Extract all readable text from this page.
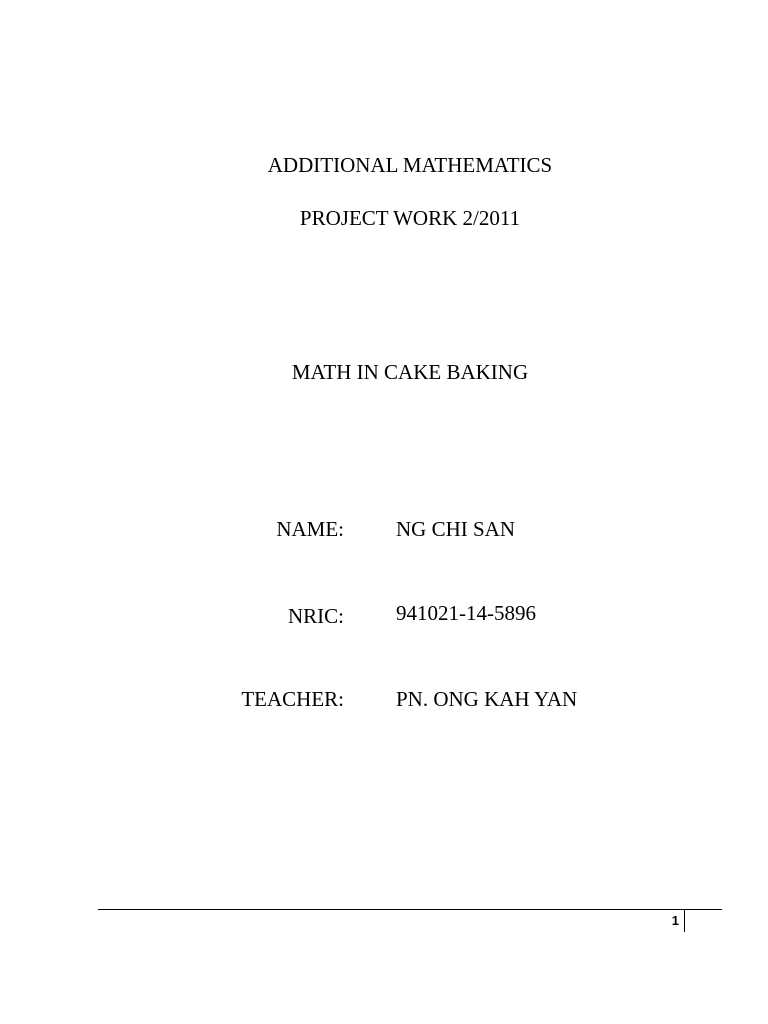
ADDITIONAL MATHEMATICS
PROJECT WORK 2/2011
MATH IN CAKE BAKING
NAME: NG CHI SAN
NRIC: 941021-14-5896
TEACHER: PN. ONG KAH YAN
1
